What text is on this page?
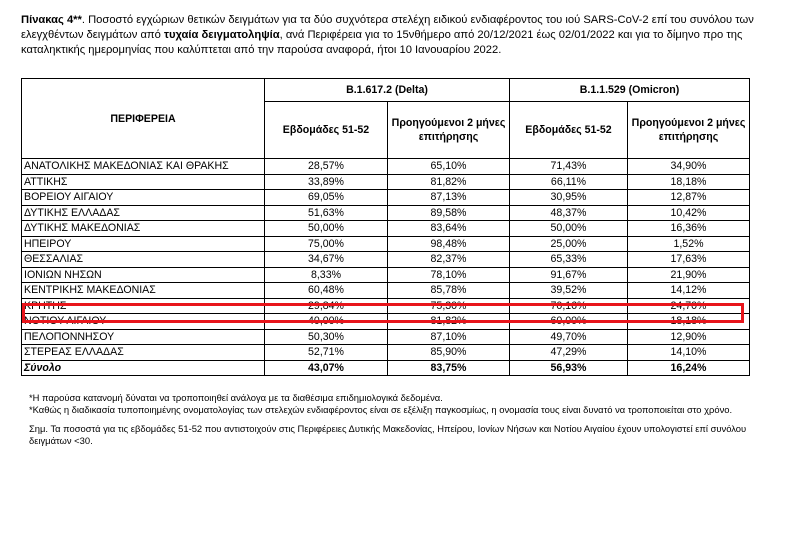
Πίνακας 4**. Ποσοστό εγχώριων θετικών δειγμάτων για τα δύο συχνότερα στελέχη ειδικού ενδιαφέροντος του ιού SARS-CoV-2 επί του συνόλου των ελεγχθέντων δειγμάτων από τυχαία δειγματοληψία, ανά Περιφέρεια για το 15νθήμερο από 20/12/2021 έως 02/01/2022 και για το δίμηνο προ της καταληκτικής ημερομηνίας που καλύπτεται από την παρούσα αναφορά, ήτοι 10 Ιανουαρίου 2022.
ΠΕΡΙΦΕΡΕΙΑ	B.1.617.2 (Delta)		B.1.1.529 (Omicron)	
	Εβδομάδες 51-52	Προηγούμενοι 2 μήνες επιτήρησης	Εβδομάδες 51-52	Προηγούμενοι 2 μήνες επιτήρησης
ΑΝΑΤΟΛΙΚΗΣ ΜΑΚΕΔΟΝΙΑΣ ΚΑΙ ΘΡΑΚΗΣ	28,57%	65,10%	71,43%	34,90%
ΑΤΤΙΚΗΣ	33,89%	81,82%	66,11%	18,18%
ΒΟΡΕΙΟΥ ΑΙΓΑΙΟΥ	69,05%	87,13%	30,95%	12,87%
ΔΥΤΙΚΗΣ ΕΛΛΑΔΑΣ	51,63%	89,58%	48,37%	10,42%
ΔΥΤΙΚΗΣ ΜΑΚΕΔΟΝΙΑΣ	50,00%	83,64%	50,00%	16,36%
ΗΠΕΙΡΟΥ	75,00%	98,48%	25,00%	1,52%
ΘΕΣΣΑΛΙΑΣ	34,67%	82,37%	65,33%	17,63%
ΙΟΝΙΩΝ ΝΗΣΩΝ	8,33%	78,10%	91,67%	21,90%
ΚΕΝΤΡΙΚΗΣ ΜΑΚΕΔΟΝΙΑΣ	60,48%	85,78%	39,52%	14,12%
ΚΡΗΤΗΣ	29,84%	75,30%	70,16%	24,70%
ΝΟΤΙΟΥ ΑΙΓΑΙΟΥ	40,00%	81,82%	60,00%	18,18%
ΠΕΛΟΠΟΝΝΗΣΟΥ	50,30%	87,10%	49,70%	12,90%
ΣΤΕΡΕΑΣ ΕΛΛΑΔΑΣ	52,71%	85,90%	47,29%	14,10%
Σύνολο	43,07%	83,75%	56,93%	16,24%

*Η παρούσα κατανομή δύναται να τροποποιηθεί ανάλογα με τα διαθέσιμα επιδημιολογικά δεδομένα.

*Καθώς η διαδικασία τυποποιημένης ονοματολογίας των στελεχών ενδιαφέροντος είναι σε εξέλιξη παγκοσμίως, η ονομασία τους είναι δυνατό να τροποποιείται στο χρόνο.

Σημ. Τα ποσοστά για τις εβδομάδες 51-52 που αντιστοιχούν στις Περιφέρειες Δυτικής Μακεδονίας, Ηπείρου, Ιονίων Νήσων και Νοτίου Αιγαίου έχουν υπολογιστεί επί συνόλου δειγμάτων <30.
